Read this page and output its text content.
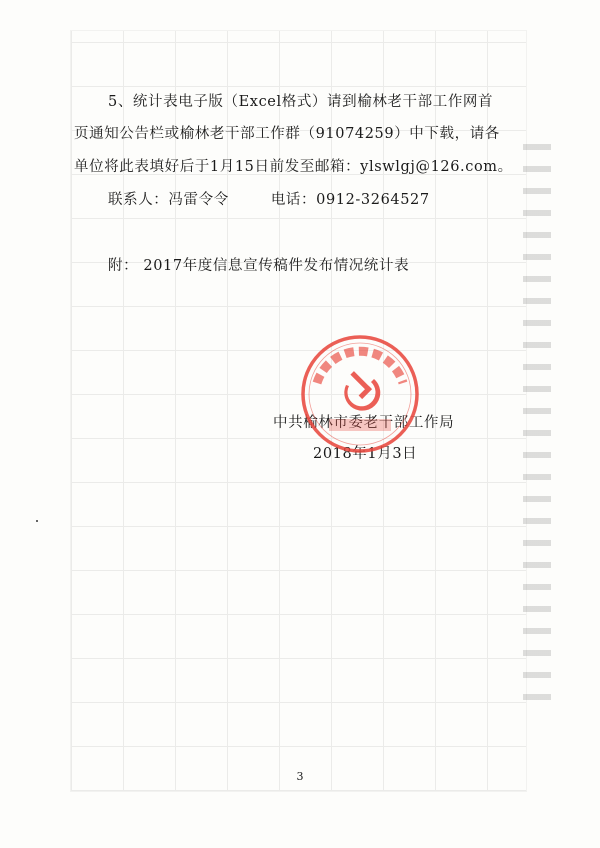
5、统计表电子版（Excel格式）请到榆林老干部工作网首
页通知公告栏或榆林老干部工作群（91074259）中下载，请各
单位将此表填好后于1月15日前发至邮箱：ylswlgj@126.com。
联系人：冯雷令令	电话：0912-3264527
附： 2017年度信息宣传稿件发布情况统计表
中共榆林市委老干部工作局
2018年1月3日
3
